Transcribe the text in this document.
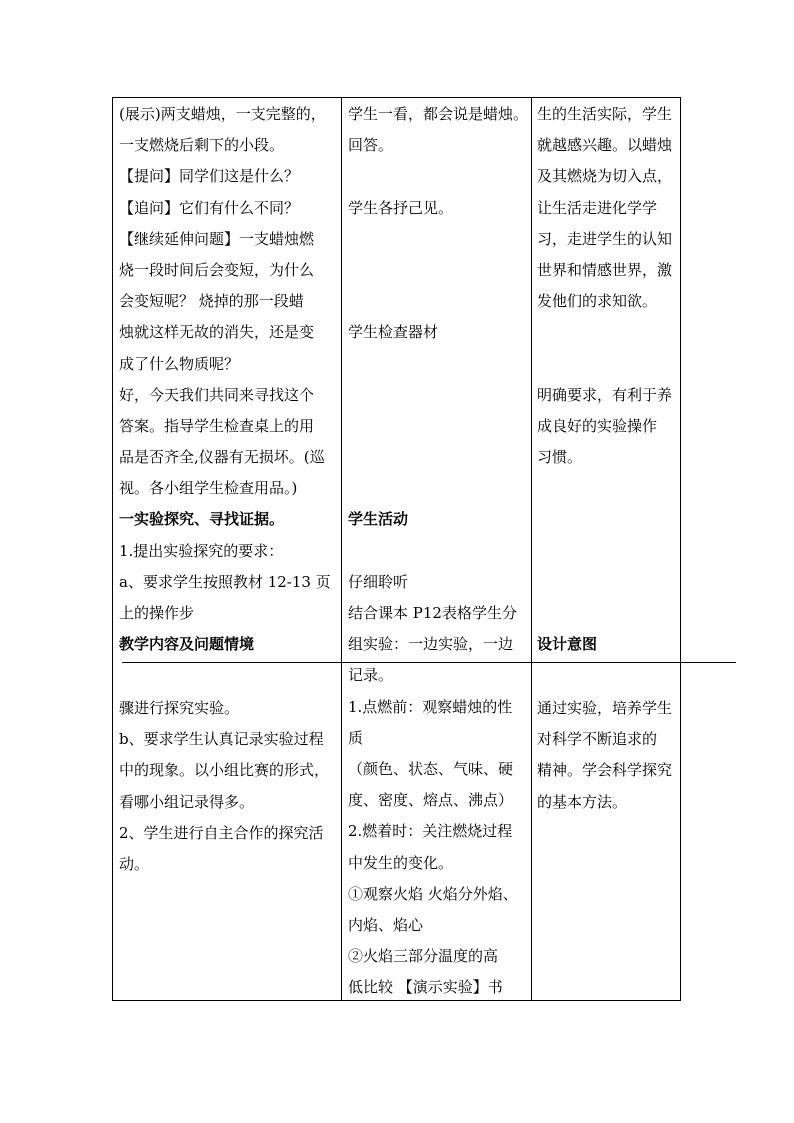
(展示)两支蜡烛，一支完整的，
一支燃烧后剩下的小段。
【提问】同学们这是什么？
【追问】它们有什么不同？
【继续延伸问题】一支蜡烛燃
烧一段时间后会变短，为什么
会变短呢？ 烧掉的那一段蜡
烛就这样无故的消失，还是变
成了什么物质呢？
好，今天我们共同来寻找这个
答案。指导学生检查桌上的用
品是否齐全,仪器有无损坏。(巡
视。各小组学生检查用品。)
一实验探究、寻找证据。
1.提出实验探究的要求：
a、要求学生按照教材 12-13 页
上的操作步
教学内容及问题情境
学生一看，都会说是蜡烛。
回答。
学生各抒己见。
学生检查器材
学生活动
仔细聆听
结合课本 P12表格学生分
组实验：一边实验，一边
记录。
1.点燃前：观察蜡烛的性
质
（颜色、状态、气味、硬
度、密度、熔点、沸点）
2.燃着时：关注燃烧过程
中发生的变化。
①观察火焰 火焰分外焰、
内焰、焰心
②火焰三部分温度的高
低比较 【演示实验】书
生的生活实际，学生
就越感兴趣。以蜡烛
及其燃烧为切入点，
让生活走进化学学
习，走进学生的认知
世界和情感世界，激
发他们的求知欲。
明确要求，有利于养
成良好的实验操作
习惯。
设计意图
骤进行探究实验。
b、要求学生认真记录实验过程
中的现象。以小组比赛的形式，
看哪小组记录得多。
2、学生进行自主合作的探究活
动。
通过实验，培养学生
对科学不断追求的
精神。学会科学探究
的基本方法。
